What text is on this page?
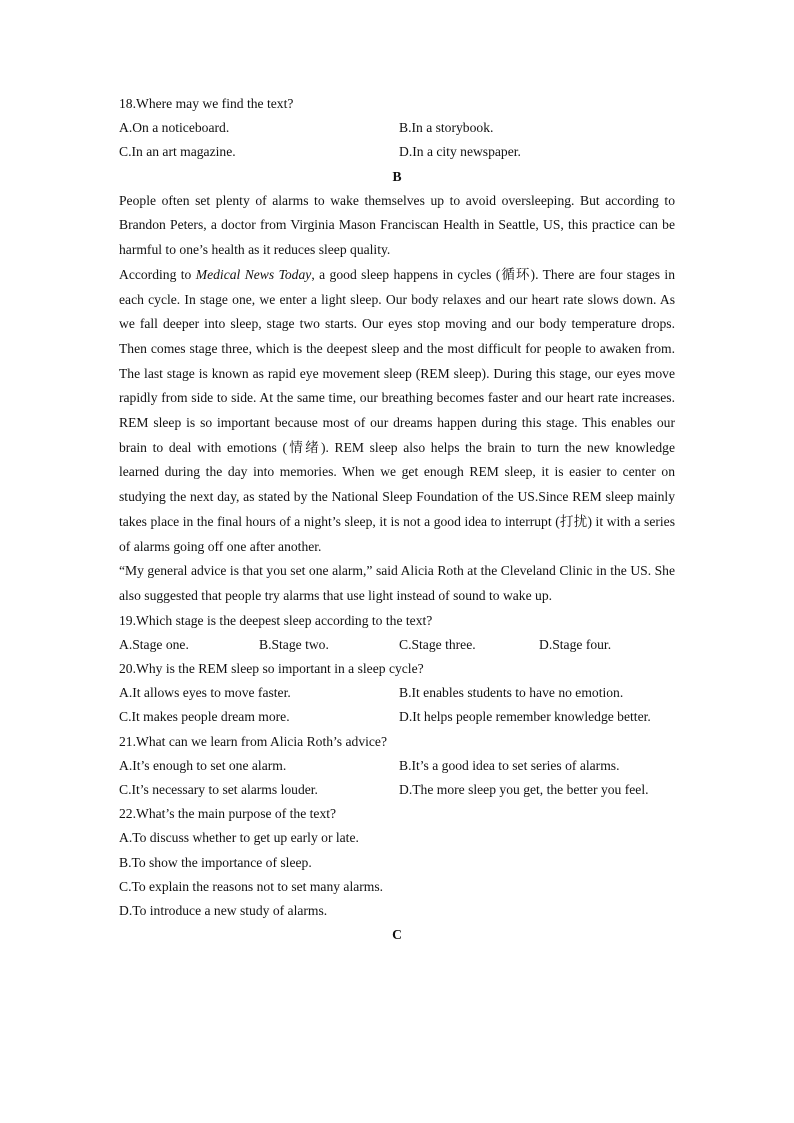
18.Where may we find the text?
A.On a noticeboard.	B.In a storybook.
C.In an art magazine.	D.In a city newspaper.
B

People often set plenty of alarms to wake themselves up to avoid oversleeping. But according to Brandon Peters, a doctor from Virginia Mason Franciscan Health in Seattle, US, this practice can be harmful to one’s health as it reduces sleep quality.

According to Medical News Today, a good sleep happens in cycles (循环). There are four stages in each cycle. In stage one, we enter a light sleep. Our body relaxes and our heart rate slows down. As we fall deeper into sleep, stage two starts. Our eyes stop moving and our body temperature drops. Then comes stage three, which is the deepest sleep and the most difficult for people to awaken from. The last stage is known as rapid eye movement sleep (REM sleep). During this stage, our eyes move rapidly from side to side. At the same time, our breathing becomes faster and our heart rate increases. REM sleep is so important because most of our dreams happen during this stage. This enables our brain to deal with emotions (情绪). REM sleep also helps the brain to turn the new knowledge learned during the day into memories. When we get enough REM sleep, it is easier to center on studying the next day, as stated by the National Sleep Foundation of the US.Since REM sleep mainly takes place in the final hours of a night’s sleep, it is not a good idea to interrupt (打扰) it with a series of alarms going off one after another.

“My general advice is that you set one alarm,” said Alicia Roth at the Cleveland Clinic in the US. She also suggested that people try alarms that use light instead of sound to wake up.

19.Which stage is the deepest sleep according to the text?
A.Stage one.	B.Stage two.	C.Stage three.	D.Stage four.
20.Why is the REM sleep so important in a sleep cycle?
A.It allows eyes to move faster.	B.It enables students to have no emotion.
C.It makes people dream more.	D.It helps people remember knowledge better.
21.What can we learn from Alicia Roth’s advice?
A.It’s enough to set one alarm.	B.It’s a good idea to set series of alarms.
C.It’s necessary to set alarms louder.	D.The more sleep you get, the better you feel.
22.What’s the main purpose of the text?
A.To discuss whether to get up early or late.
B.To show the importance of sleep.
C.To explain the reasons not to set many alarms.
D.To introduce a new study of alarms.
C
